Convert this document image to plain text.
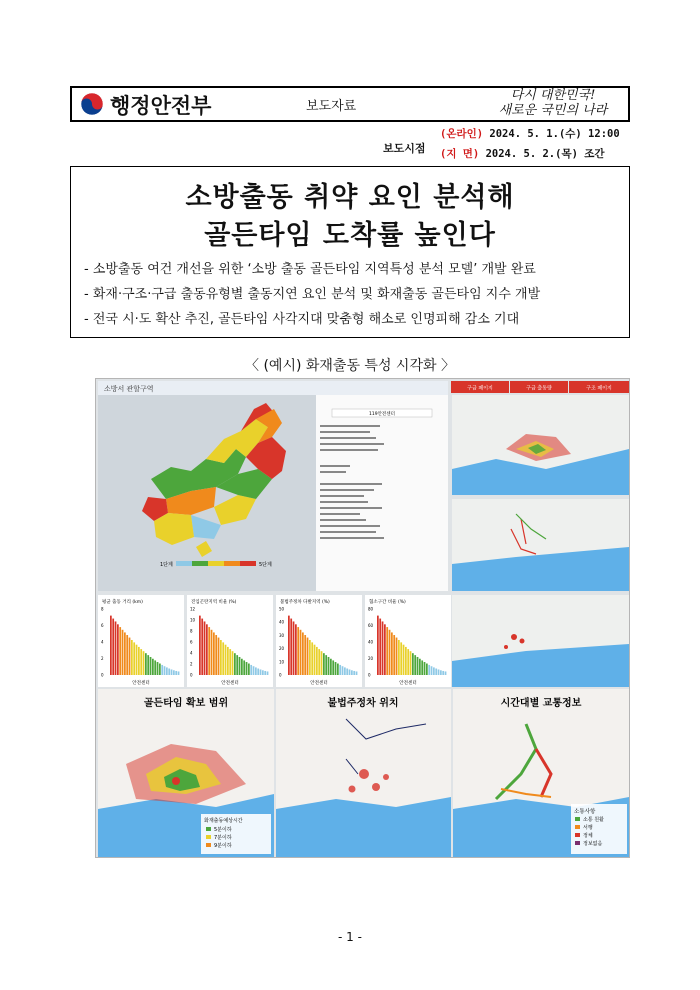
행정안전부	보도자료
다시 대한민국!
새로운 국민의 나라
보도시점
(온라인) 2024. 5. 1.(수) 12:00
(지 면) 2024. 5. 2.(목) 조간
소방출동 취약 요인 분석해
골든타임 도착률 높인다
- 소방출동 여건 개선을 위한 ‘소방 출동 골든타임 지역특성 분석 모델’ 개발 완료
- 화재·구조·구급 출동유형별 출동지연 요인 분석 및 화재출동 골든타임 지수 개발
- 전국 시·도 확산 추진, 골든타임 사각지대 맞춤형 해소로 인명피해 감소 기대
〈 (예시) 화재출동 특성 시각화 〉
소방서 관할구역
1단계	5단계
119안전센터
구급 페이지	구급 출동량	구조 페이지
평균 출동 거리 (km)
8
6
4
2
0
안전센터
진입곤란지역 비율 (%)
12
10
8
6
4
2
0
안전센터
불법주정차 다발지역 (%)
50
40
30
20
10
0
안전센터
협소구간 비율 (%)
80
60
40
20
0
안전센터
골든타임 확보 범위
화재출동예상시간
5분이하
7분이하
9분이하
불법주정차 위치	시간대별 교통정보
소통사항
소통 원활
서행
정체
정보없음
- 1 -
